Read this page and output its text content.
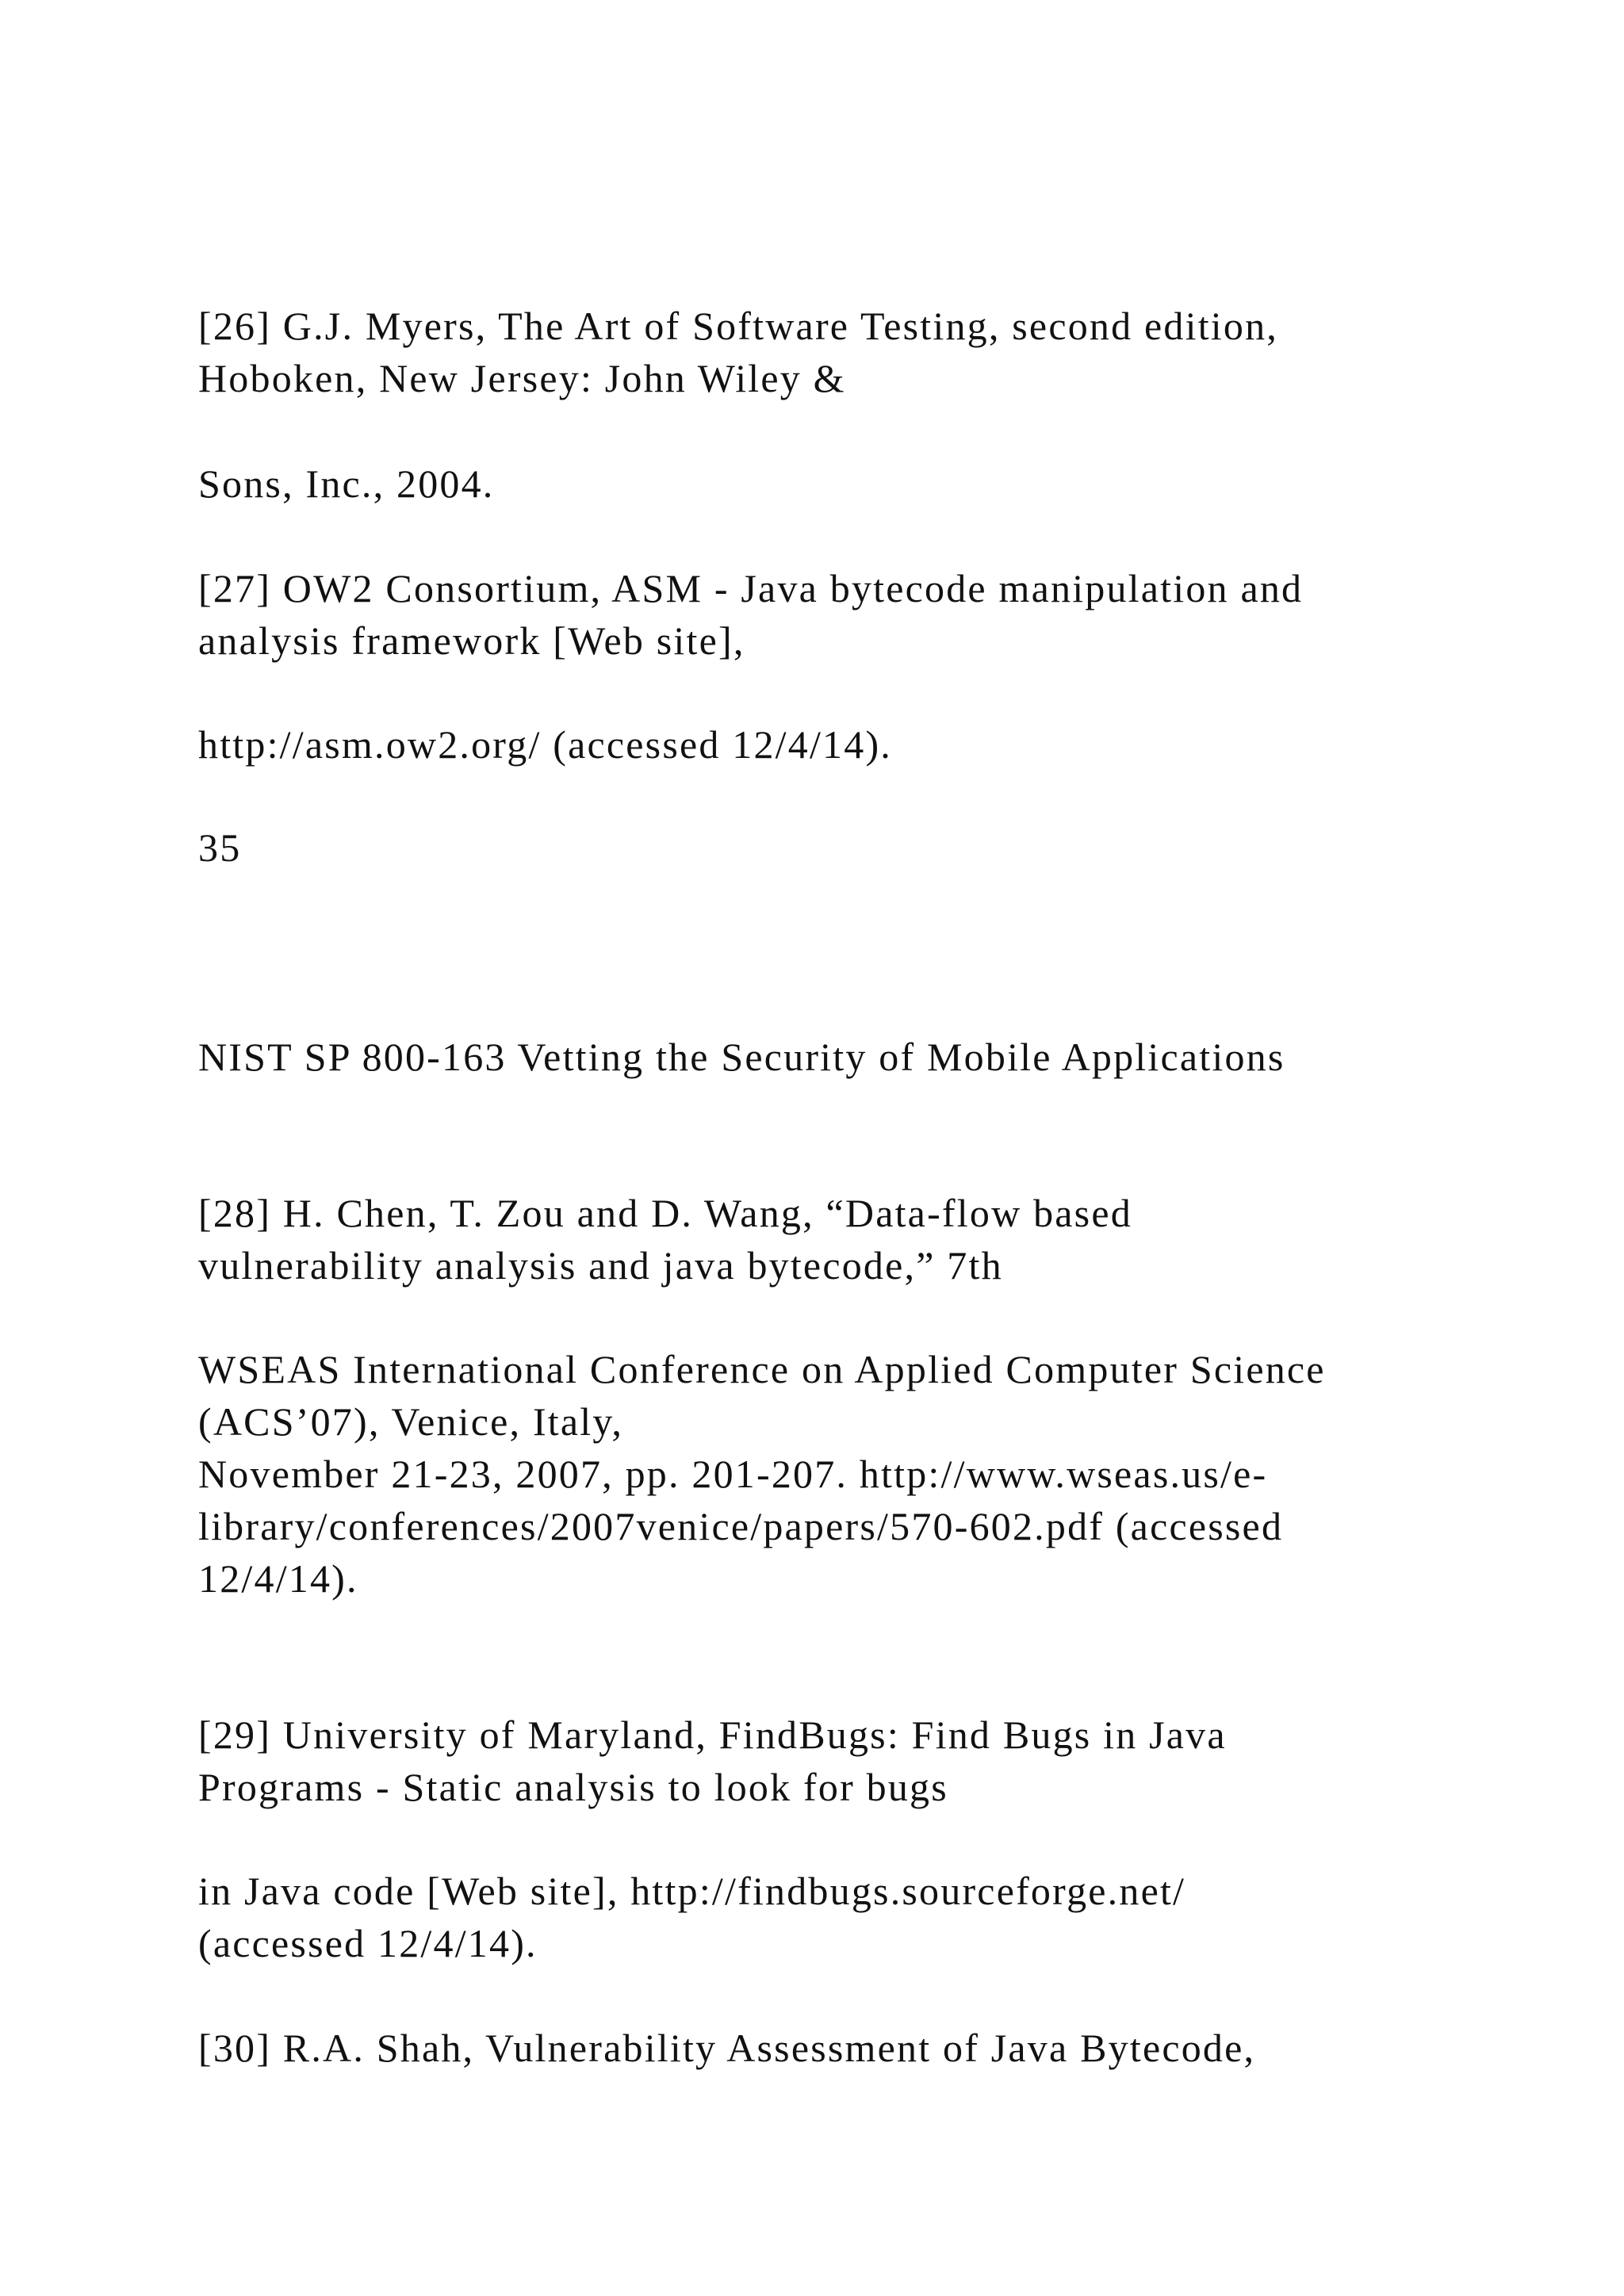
[26] G.J. Myers, The Art of Software Testing, second edition,

Hoboken, New Jersey: John Wiley &

Sons, Inc., 2004.

[27] OW2 Consortium, ASM - Java bytecode manipulation and

analysis framework [Web site],

http://asm.ow2.org/ (accessed 12/4/14).

35

NIST SP 800-163 Vetting the Security of Mobile Applications

[28] H. Chen, T. Zou and D. Wang, “Data-flow based

vulnerability analysis and java bytecode,” 7th

WSEAS International Conference on Applied Computer Science

(ACS’07), Venice, Italy,

November 21-23, 2007, pp. 201-207. http://www.wseas.us/e-

library/conferences/2007venice/papers/570-602.pdf (accessed

12/4/14).

[29] University of Maryland, FindBugs: Find Bugs in Java

Programs - Static analysis to look for bugs

in Java code [Web site], http://findbugs.sourceforge.net/

(accessed 12/4/14).

[30] R.A. Shah, Vulnerability Assessment of Java Bytecode,
